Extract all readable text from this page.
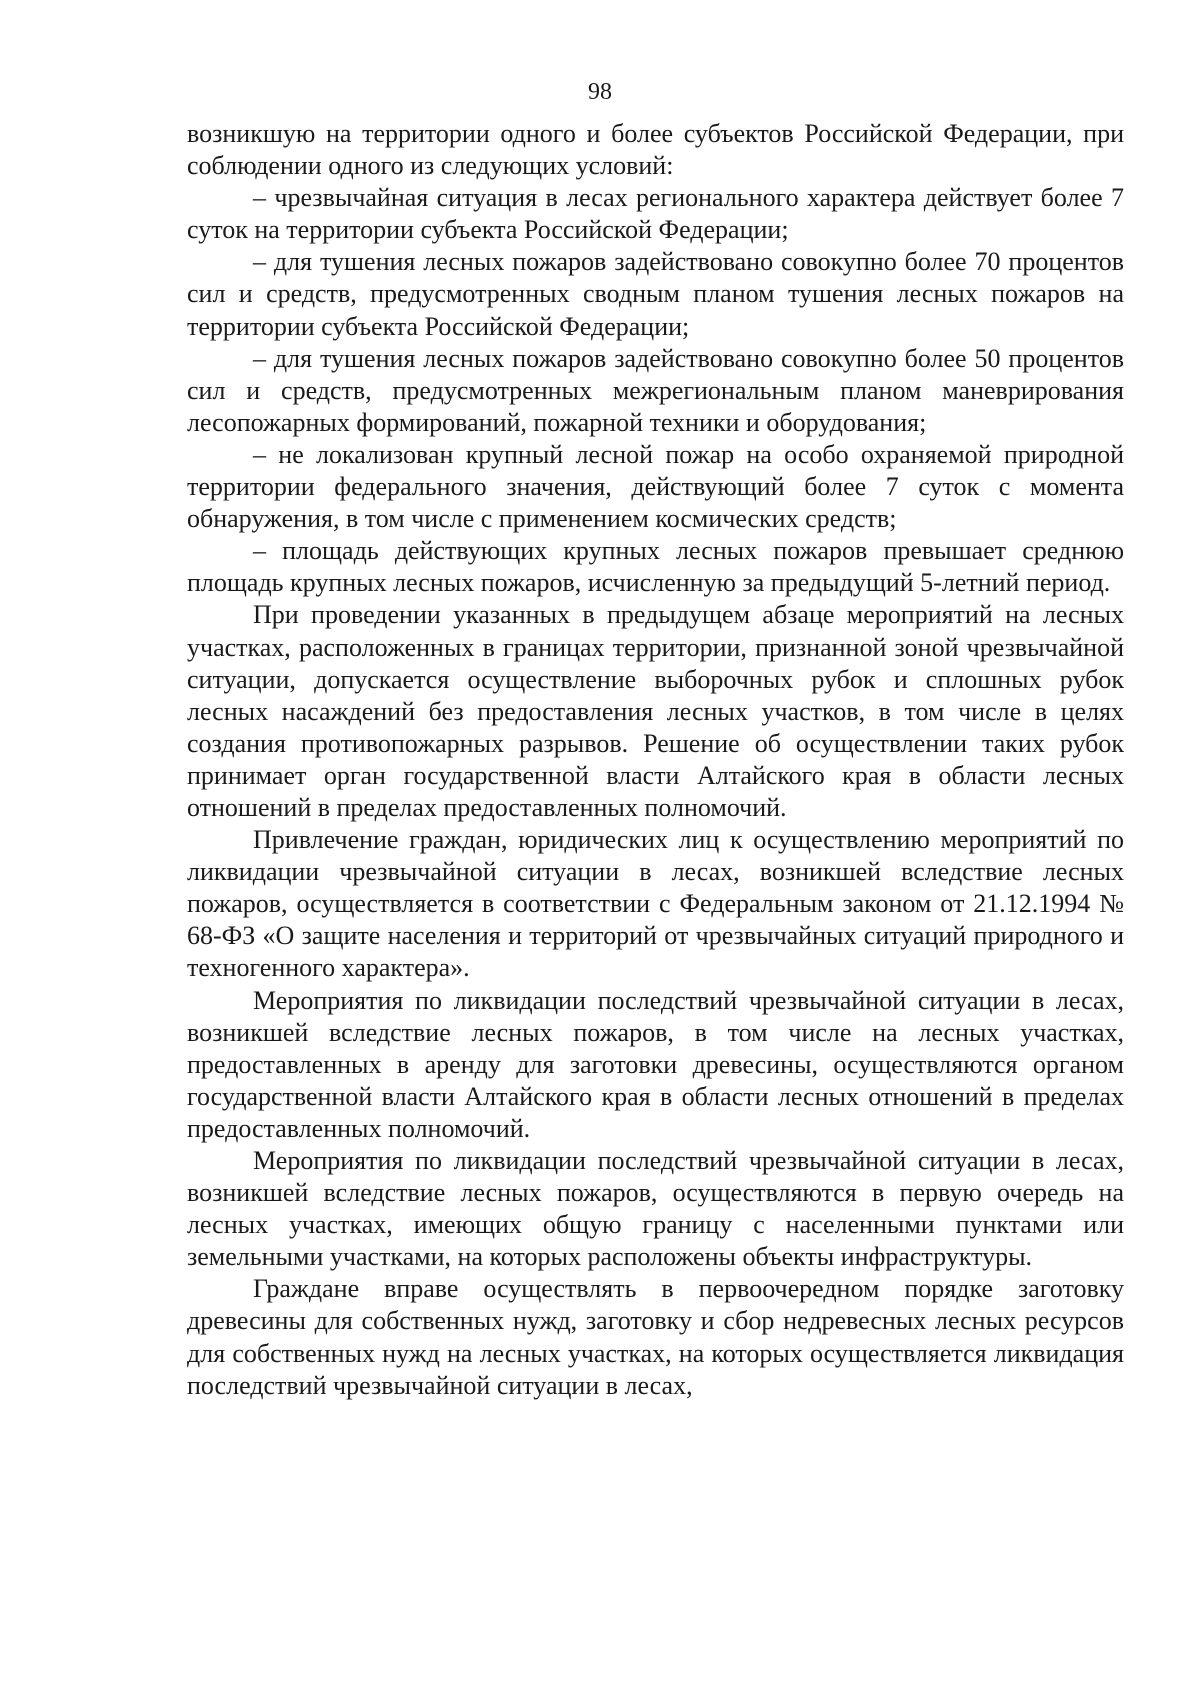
98

возникшую на территории одного и более субъектов Российской Федерации, при соблюдении одного из следующих условий:

– чрезвычайная ситуация в лесах регионального характера действует более 7 суток на территории субъекта Российской Федерации;

– для тушения лесных пожаров задействовано совокупно более 70 процентов сил и средств, предусмотренных сводным планом тушения лесных пожаров на территории субъекта Российской Федерации;

– для тушения лесных пожаров задействовано совокупно более 50 процентов сил и средств, предусмотренных межрегиональным планом маневрирования лесопожарных формирований, пожарной техники и оборудования;

– не локализован крупный лесной пожар на особо охраняемой природной территории федерального значения, действующий более 7 суток с момента обнаружения, в том числе с применением космических средств;

– площадь действующих крупных лесных пожаров превышает среднюю площадь крупных лесных пожаров, исчисленную за предыдущий 5-летний период.

При проведении указанных в предыдущем абзаце мероприятий на лесных участках, расположенных в границах территории, признанной зоной чрезвычайной ситуации, допускается осуществление выборочных рубок и сплошных рубок лесных насаждений без предоставления лесных участков, в том числе в целях создания противопожарных разрывов. Решение об осуществлении таких рубок принимает орган государственной власти Алтайского края в области лесных отношений в пределах предоставленных полномочий.

Привлечение граждан, юридических лиц к осуществлению мероприятий по ликвидации чрезвычайной ситуации в лесах, возникшей вследствие лесных пожаров, осуществляется в соответствии с Федеральным законом от 21.12.1994 № 68-ФЗ «О защите населения и территорий от чрезвычайных ситуаций природного и техногенного характера».

Мероприятия по ликвидации последствий чрезвычайной ситуации в лесах, возникшей вследствие лесных пожаров, в том числе на лесных участках, предоставленных в аренду для заготовки древесины, осуществляются органом государственной власти Алтайского края в области лесных отношений в пределах предоставленных полномочий.

Мероприятия по ликвидации последствий чрезвычайной ситуации в лесах, возникшей вследствие лесных пожаров, осуществляются в первую очередь на лесных участках, имеющих общую границу с населенными пунктами или земельными участками, на которых расположены объекты инфраструктуры.

Граждане вправе осуществлять в первоочередном порядке заготовку древесины для собственных нужд, заготовку и сбор недревесных лесных ресурсов для собственных нужд на лесных участках, на которых осуществляется ликвидация последствий чрезвычайной ситуации в лесах,
